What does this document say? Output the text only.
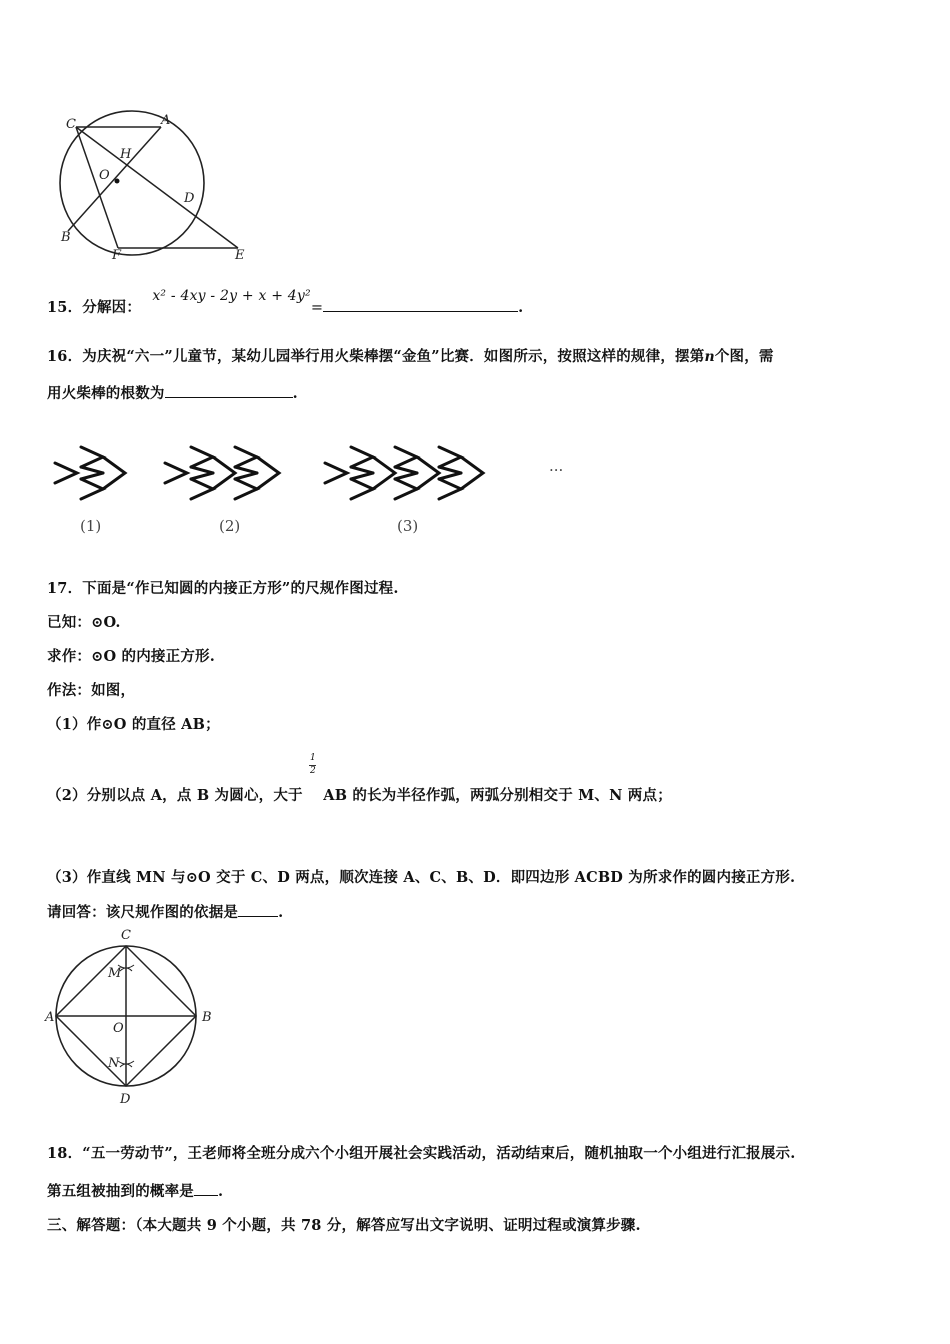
C	A
H
O
D
B
F	E
15．分解因： x² - 4xy - 2y + x + 4y²=	.
16．为庆祝“六一”儿童节，某幼儿园举行用火柴棒摆“金鱼”比赛．如图所示，按照这样的规律，摆第n个图，需
用火柴棒的根数为	.
···
(1)	(2)	(3)
17．下面是“作已知圆的内接正方形”的尺规作图过程.
已知：⊙O.
求作：⊙O 的内接正方形.
作法：如图，
（1）作⊙O 的直径 AB；
（2）分别以点 A，点 B 为圆心，大于 $\frac{1}{2}$ AB 的长为半径作弧，两弧分别相交于 M、N 两点；
（3）作直线 MN 与⊙O 交于 C、D 两点，顺次连接 A、C、B、D．即四边形 ACBD 为所求作的圆内接正方形.
请回答：该尺规作图的依据是	.
C
M
A
O
B
N
D
18．“五一劳动节”，王老师将全班分成六个小组开展社会实践活动，活动结束后，随机抽取一个小组进行汇报展示.
第五组被抽到的概率是 .
三、解答题：（本大题共 9 个小题，共 78 分，解答应写出文字说明、证明过程或演算步骤.
